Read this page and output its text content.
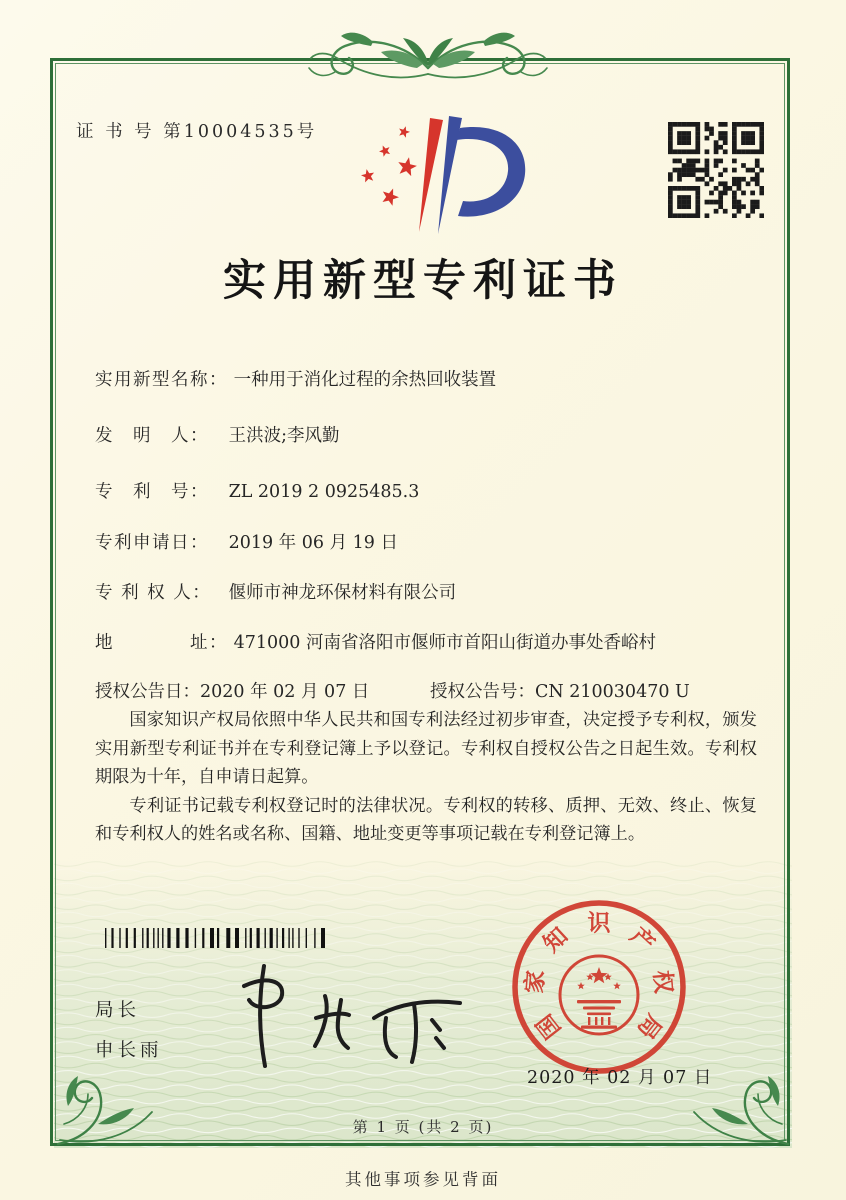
证 书 号 第10004535号
实用新型专利证书
实用新型名称： 一种用于消化过程的余热回收装置
发　明　人： 王洪波;李风勤
专　利　号： ZL 2019 2 0925485.3
专利申请日： 2019 年 06 月 19 日
专 利 权 人： 偃师市神龙环保材料有限公司
地　　　　址： 471000 河南省洛阳市偃师市首阳山街道办事处香峪村
授权公告日：2020 年 02 月 07 日	授权公告号：CN 210030470 U

国家知识产权局依照中华人民共和国专利法经过初步审查，决定授予专利权，颁发实用新型专利证书并在专利登记簿上予以登记。专利权自授权公告之日起生效。专利权期限为十年，自申请日起算。

专利证书记载专利权登记时的法律状况。专利权的转移、质押、无效、终止、恢复和专利权人的姓名或名称、国籍、地址变更等事项记载在专利登记簿上。

局长
申长雨
国
家
知 识 产
权
局
2020 年 02 月 07 日
第 1 页 (共 2 页)
其他事项参见背面
